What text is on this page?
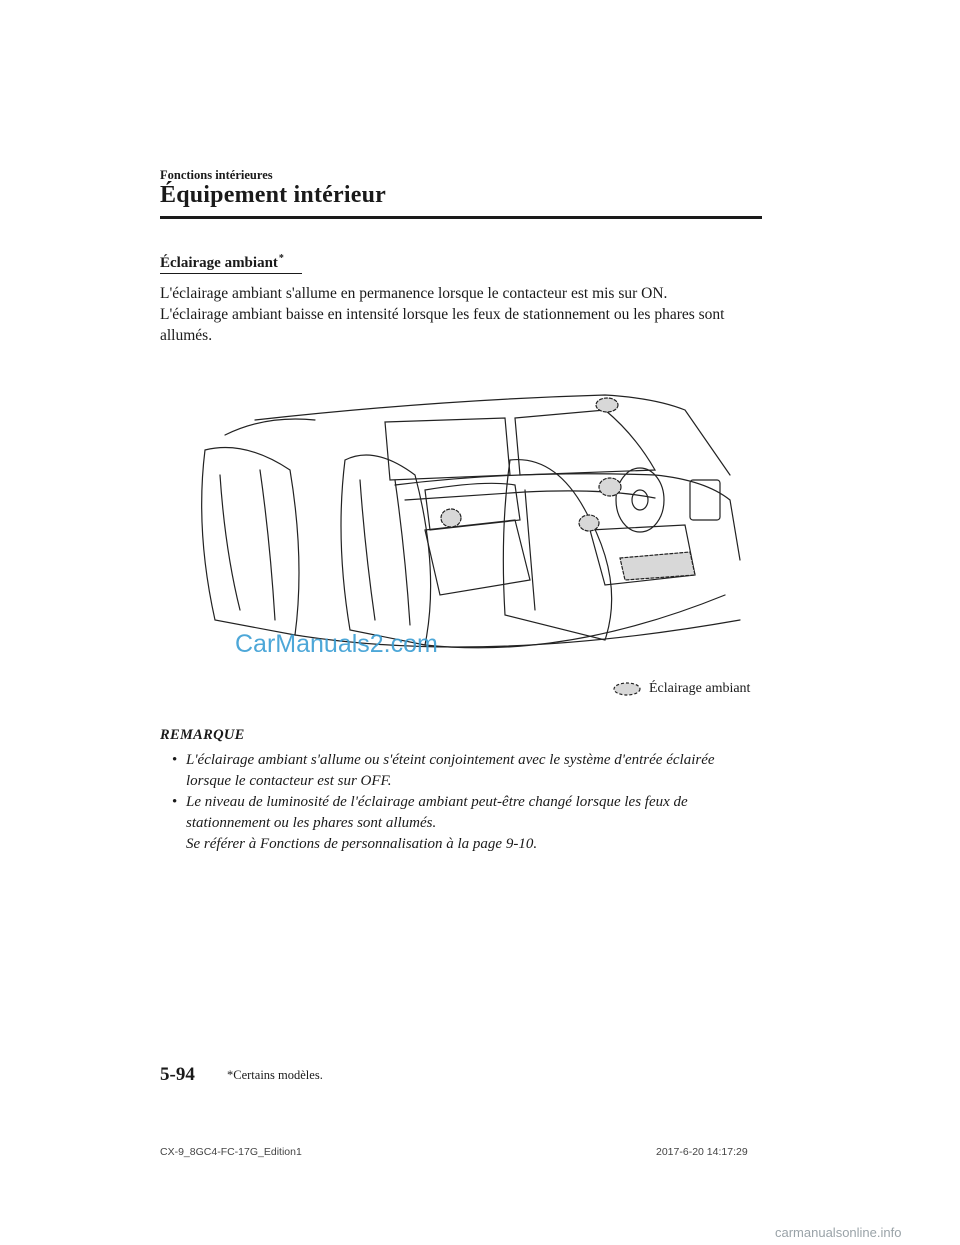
Fonctions intérieures
Équipement intérieur
Éclairage ambiant*

L'éclairage ambiant s'allume en permanence lorsque le contacteur est mis sur ON.

L'éclairage ambiant baisse en intensité lorsque les feux de stationnement ou les phares sont allumés.

CarManuals2.com
Éclairage ambiant
REMARQUE
• L'éclairage ambiant s'allume ou s'éteint conjointement avec le système d'entrée éclairée lorsque le contacteur est sur OFF.
• Le niveau de luminosité de l'éclairage ambiant peut-être changé lorsque les feux de stationnement ou les phares sont allumés.
Se référer à Fonctions de personnalisation à la page 9-10.
5-94	*Certains modèles.
CX-9_8GC4-FC-17G_Edition1	2017-6-20 14:17:29
carmanualsonline.info
